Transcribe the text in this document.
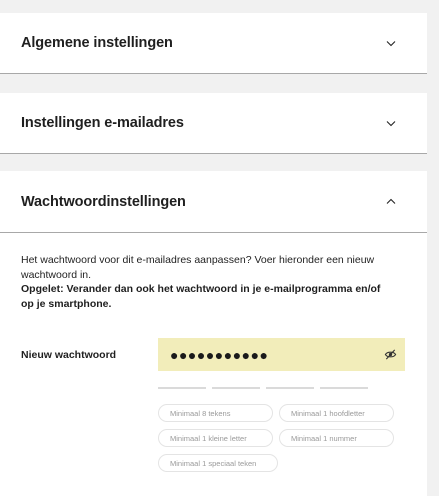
Algemene instellingen
Instellingen e-mailadres
Wachtwoordinstellingen

Het wachtwoord voor dit e-mailadres aanpassen? Voer hieronder een nieuw wachtwoord in.

Opgelet: Verander dan ook het wachtwoord in je e-mailprogramma en/of op je smartphone.

Nieuw wachtwoord	●●●●●●●●●●●
Minimaal 8 tekens	Minimaal 1 hoofdletter
Minimaal 1 kleine letter	Minimaal 1 nummer
Minimaal 1 speciaal teken
